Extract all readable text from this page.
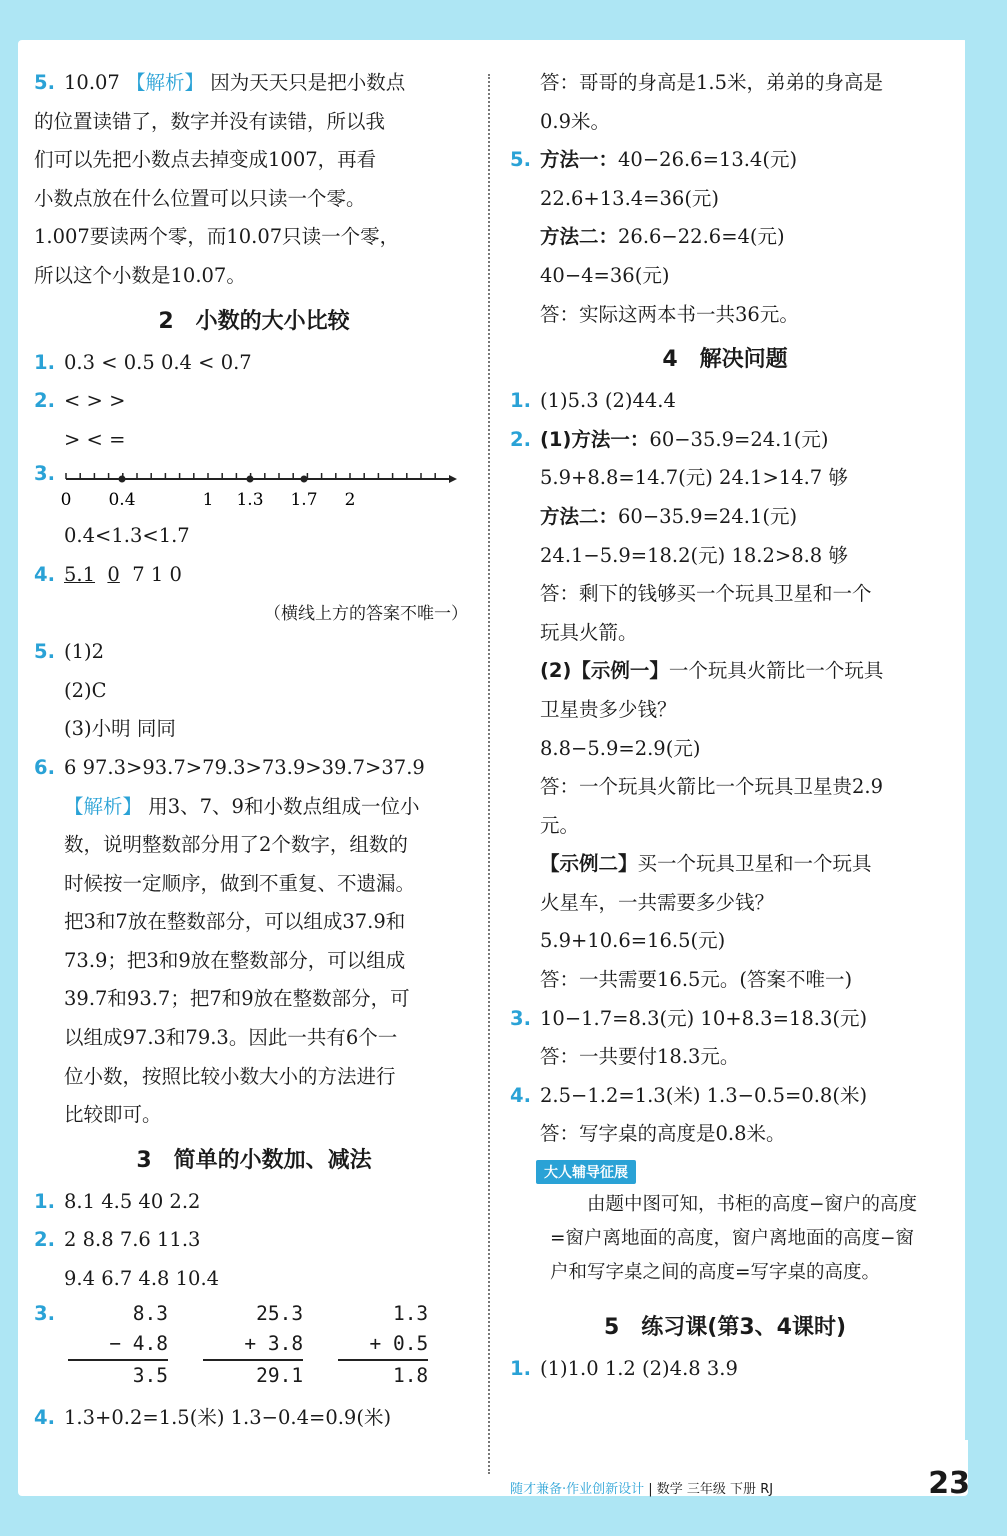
5. 10.07 【解析】 因为天天只是把小数点
的位置读错了，数字并没有读错，所以我
们可以先把小数点去掉变成1007，再看
小数点放在什么位置可以只读一个零。
1.007要读两个零，而10.07只读一个零，
所以这个小数是10.07。
2 小数的大小比较
1. 0.3 < 0.5 0.4 < 0.7
2. < > >
> < =
3.
0 0.4	1 1.3 1.7 2
0.4<1.3<1.7
4. 5.1 0 7 1 0
（横线上方的答案不唯一）
5. (1)2
(2)C
(3)小明 同同
6. 6 97.3>93.7>79.3>73.9>39.7>37.9
【解析】 用3、7、9和小数点组成一位小
数，说明整数部分用了2个数字，组数的
时候按一定顺序，做到不重复、不遗漏。
把3和7放在整数部分，可以组成37.9和
73.9；把3和9放在整数部分，可以组成
39.7和93.7；把7和9放在整数部分，可
以组成97.3和79.3。因此一共有6个一
位小数，按照比较小数大小的方法进行
比较即可。
3 简单的小数加、减法
1. 8.1 4.5 40 2.2
2. 2 8.8 7.6 11.3
9.4 6.7 4.8 10.4
3.	8.3
− 4.8
3.5

25.3
+ 3.8
29.1

1.3
+ 0.5
1.8
4. 1.3+0.2=1.5(米) 1.3−0.4=0.9(米)
答：哥哥的身高是1.5米，弟弟的身高是
0.9米。
5. 方法一：40−26.6=13.4(元)
22.6+13.4=36(元)
方法二：26.6−22.6=4(元)
40−4=36(元)
答：实际这两本书一共36元。
4 解决问题
1. (1)5.3 (2)44.4
2. (1)方法一：60−35.9=24.1(元)
5.9+8.8=14.7(元) 24.1>14.7 够
方法二：60−35.9=24.1(元)
24.1−5.9=18.2(元) 18.2>8.8 够
答：剩下的钱够买一个玩具卫星和一个
玩具火箭。
(2)【示例一】一个玩具火箭比一个玩具
卫星贵多少钱？
8.8−5.9=2.9(元)
答：一个玩具火箭比一个玩具卫星贵2.9
元。
【示例二】买一个玩具卫星和一个玩具
火星车，一共需要多少钱？
5.9+10.6=16.5(元)
答：一共需要16.5元。(答案不唯一)
3. 10−1.7=8.3(元) 10+8.3=18.3(元)
答：一共要付18.3元。
4. 2.5−1.2=1.3(米) 1.3−0.5=0.8(米)
答：写字桌的高度是0.8米。
大人辅导征展
由题中图可知，书柜的高度−窗户的高度=窗户离地面的高度，窗户离地面的高度−窗户和写字桌之间的高度=写字桌的高度。
5 练习课(第3、4课时)
1. (1)1.0 1.2 (2)4.8 3.9
随才兼备·作业创新设计 | 数学 三年级 下册 RJ	23
